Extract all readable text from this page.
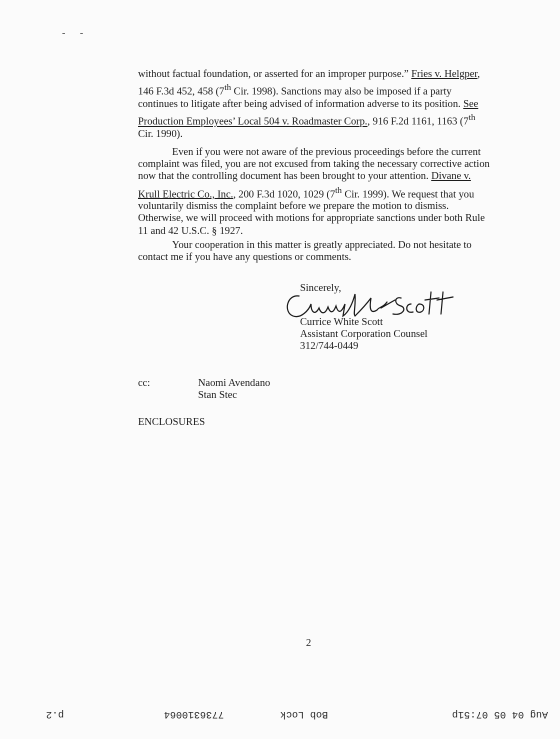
- -
without factual foundation, or asserted for an improper purpose.” Fries v. Helgper, 146 F.3d 452, 458 (7th Cir. 1998). Sanctions may also be imposed if a party continues to litigate after being advised of information adverse to its position. See Production Employees’ Local 504 v. Roadmaster Corp., 916 F.2d 1161, 1163 (7th Cir. 1990).
Even if you were not aware of the previous proceedings before the current complaint was filed, you are not excused from taking the necessary corrective action now that the controlling document has been brought to your attention. Divane v. Krull Electric Co., Inc., 200 F.3d 1020, 1029 (7th Cir. 1999). We request that you voluntarily dismiss the complaint before we prepare the motion to dismiss. Otherwise, we will proceed with motions for appropriate sanctions under both Rule 11 and 42 U.S.C. § 1927.
Your cooperation in this matter is greatly appreciated. Do not hesitate to contact me if you have any questions or comments.
Sincerely,
Currice White Scott
Assistant Corporation Counsel
312/744-0449
cc:	Naomi Avendano
Stan Stec
ENCLOSURES
2
Aug 04 05 07:51p
Bob Lock
7736310064
p.2
